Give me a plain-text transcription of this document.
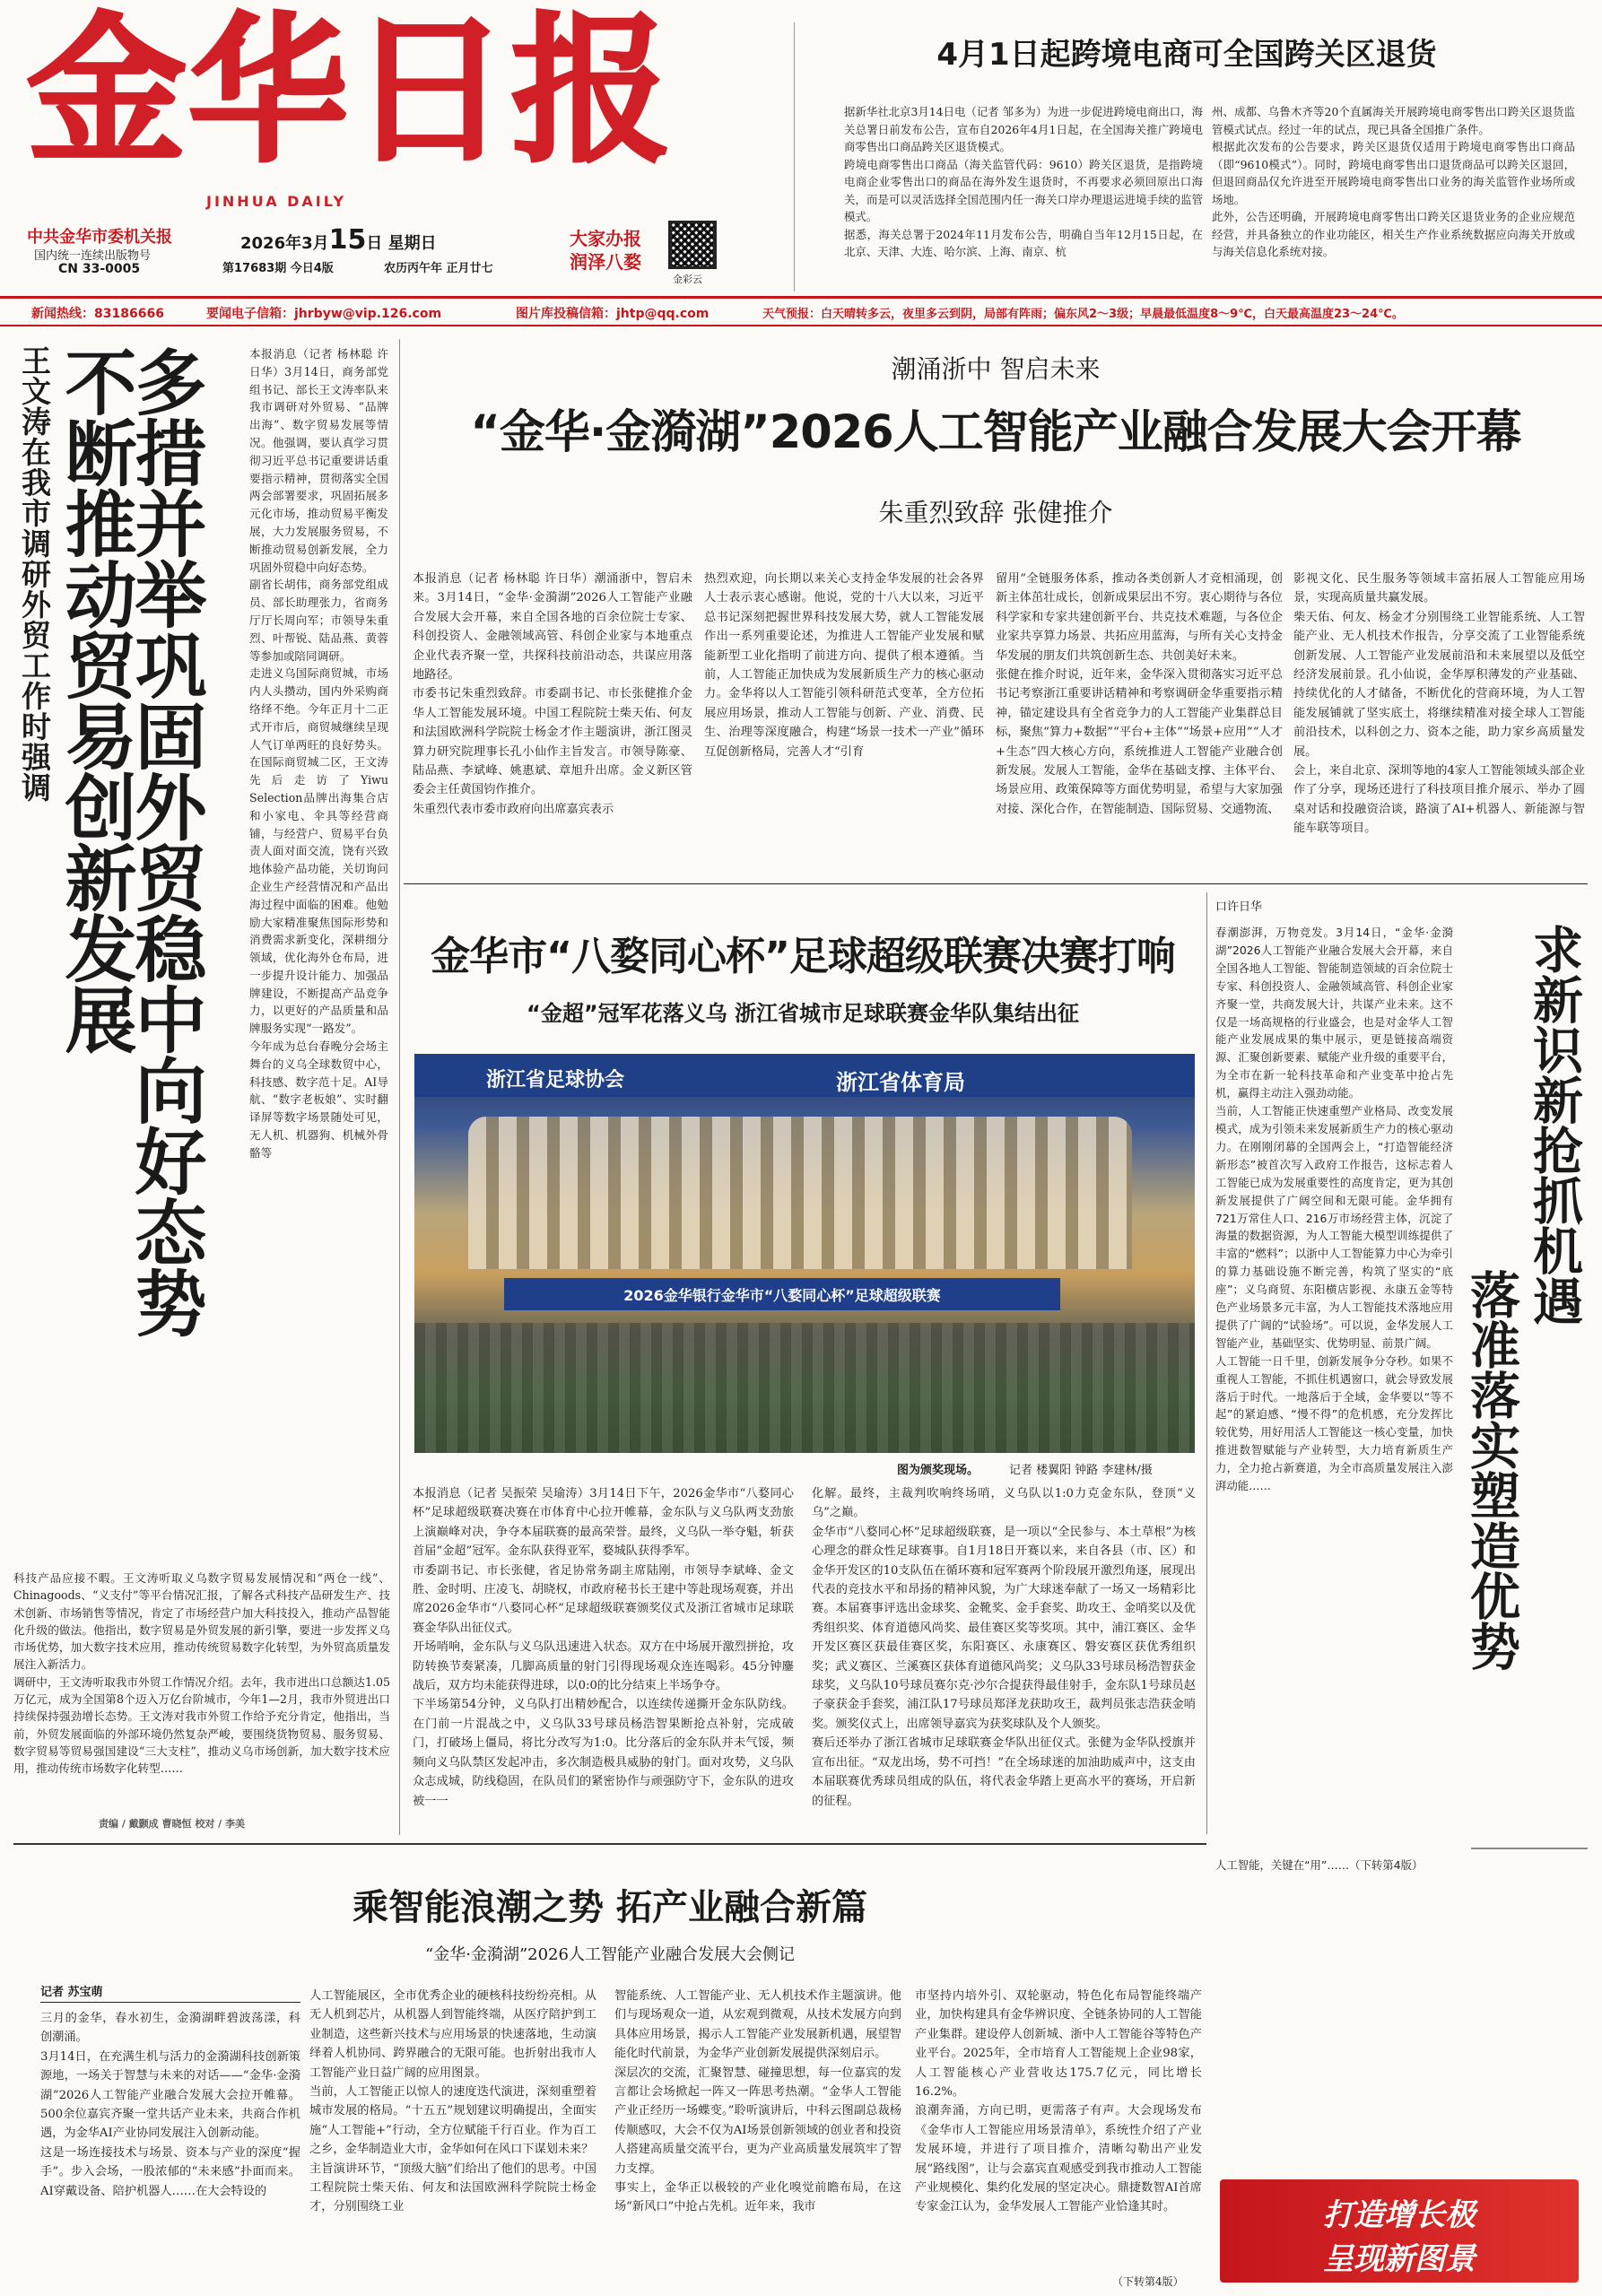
金华日报
JINHUA DAILY
中共金华市委机关报
国内统一连续出版物号
CN 33-0005
2026年3月15日 星期日
第17683期 今日4版	农历丙午年 正月廿七
大家办报
润泽八婺
金彩云
4月1日起跨境电商可全国跨关区退货
据新华社北京3月14日电（记者 邹多为）为进一步促进跨境电商出口，海关总署日前发布公告，宣布自2026年4月1日起，在全国海关推广跨境电商零售出口商品跨关区退货模式。
跨境电商零售出口商品（海关监管代码：9610）跨关区退货，是指跨境电商企业零售出口的商品在海外发生退货时，不再要求必须回原出口海关，而是可以灵活选择全国范围内任一海关口岸办理退运进境手续的监管模式。
据悉，海关总署于2024年11月发布公告，明确自当年12月15日起，在北京、天津、大连、哈尔滨、上海、南京、杭
州、成都、乌鲁木齐等20个直属海关开展跨境电商零售出口跨关区退货监管模式试点。经过一年的试点，现已具备全国推广条件。
根据此次发布的公告要求，跨关区退货仅适用于跨境电商零售出口商品（即“9610模式”）。同时，跨境电商零售出口退货商品可以跨关区退回，但退回商品仅允许进至开展跨境电商零售出口业务的海关监管作业场所或场地。
此外，公告还明确，开展跨境电商零售出口跨关区退货业务的企业应规范经营，并具备独立的作业功能区，相关生产作业系统数据应向海关开放或与海关信息化系统对接。
新闻热线：83186666	要闻电子信箱：jhrbyw@vip.126.com	图片库投稿信箱：jhtp@qq.com	天气预报：白天晴转多云，夜里多云到阴，局部有阵雨；偏东风2～3级；早晨最低温度8～9℃，白天最高温度23～24℃。
王文涛在我市调研外贸工作时强调 多措并举巩固外贸稳中向好态势
不断推动贸易创新发展	本报消息（记者 杨林聪 许日华）3月14日，商务部党组书记、部长王文涛率队来我市调研对外贸易、“品牌出海”、数字贸易发展等情况。他强调，要认真学习贯彻习近平总书记重要讲话重要指示精神，贯彻落实全国两会部署要求，巩固拓展多元化市场，推动贸易平衡发展，大力发展服务贸易，不断推动贸易创新发展，全力巩固外贸稳中向好态势。
副省长胡伟，商务部党组成员、部长助理张力，省商务厅厅长周向军；市领导朱重烈、叶帮锐、陆品燕、黄蓉等参加或陪同调研。
走进义乌国际商贸城，市场内人头攒动，国内外采购商络绎不绝。今年正月十二正式开市后，商贸城继续呈现人气订单两旺的良好势头。在国际商贸城二区，王文涛先后走访了Yiwu Selection品牌出海集合店和小家电、伞具等经营商铺，与经营户、贸易平台负责人面对面交流，饶有兴致地体验产品功能，关切询问企业生产经营情况和产品出海过程中面临的困难。他勉励大家精准聚焦国际形势和消费需求新变化，深耕细分领域，优化海外仓布局，进一步提升设计能力、加强品牌建设，不断提高产品竞争力，以更好的产品质量和品牌服务实现“一路发”。
今年成为总台春晚分会场主舞台的义乌全球数贸中心，科技感、数字范十足。AI导航、“数字老板娘”、实时翻译屏等数字场景随处可见，无人机、机器狗、机械外骨骼等
科技产品应接不暇。王文涛听取义乌数字贸易发展情况和“两仓一线”、Chinagoods、“义支付”等平台情况汇报，了解各式科技产品研发生产、技术创新、市场销售等情况，肯定了市场经营户加大科技投入，推动产品智能化升级的做法。他指出，数字贸易是外贸发展的新引擎，要进一步发挥义乌市场优势，加大数字技术应用，推动传统贸易数字化转型，为外贸高质量发展注入新活力。
调研中，王文涛听取我市外贸工作情况介绍。去年，我市进出口总额达1.05万亿元，成为全国第8个迈入万亿台阶城市，今年1—2月，我市外贸进出口持续保持强劲增长态势。王文涛对我市外贸工作给予充分肯定，他指出，当前，外贸发展面临的外部环境仍然复杂严峻，要围绕货物贸易、服务贸易、数字贸易等贸易强国建设“三大支柱”，推动义乌市场创新，加大数字技术应用，推动传统市场数字化转型……
责编 / 戴颢成 曹晓恒 校对 / 李美
潮涌浙中 智启未来
“金华·金漪湖”2026人工智能产业融合发展大会开幕
朱重烈致辞 张健推介
本报消息（记者 杨林聪 许日华）潮涌浙中，智启未来。3月14日，“金华·金漪湖”2026人工智能产业融合发展大会开幕，来自全国各地的百余位院士专家、科创投资人、金融领域高管、科创企业家与本地重点企业代表齐聚一堂，共探科技前沿动态，共谋应用落地路径。
市委书记朱重烈致辞。市委副书记、市长张健推介金华人工智能发展环境。中国工程院院士柴天佑、何友和法国欧洲科学院院士杨金才作主题演讲，浙江图灵算力研究院理事长孔小仙作主旨发言。市领导陈豪、陆品燕、李斌峰、姚惠斌、章旭升出席。金义新区管委会主任黄国钧作推介。
朱重烈代表市委市政府向出席嘉宾表示
热烈欢迎，向长期以来关心支持金华发展的社会各界人士表示衷心感谢。他说，党的十八大以来，习近平总书记深刻把握世界科技发展大势，就人工智能发展作出一系列重要论述，为推进人工智能产业发展和赋能新型工业化指明了前进方向、提供了根本遵循。当前，人工智能正加快成为发展新质生产力的核心驱动力。金华将以人工智能引领科研范式变革，全方位拓展应用场景，推动人工智能与创新、产业、消费、民生、治理等深度融合，构建“场景一技术一产业”循环互促创新格局，完善人才“引育
留用”全链服务体系，推动各类创新人才竞相涌现，创新主体茁壮成长，创新成果层出不穷。衷心期待与各位科学家和专家共建创新平台、共克技术难题，与各位企业家共享算力场景、共拓应用蓝海，与所有关心支持金华发展的朋友们共筑创新生态、共创美好未来。
张健在推介时说，近年来，金华深入贯彻落实习近平总书记考察浙江重要讲话精神和考察调研金华重要指示精神，锚定建设具有全省竞争力的人工智能产业集群总目标，聚焦“算力+数据”“平台+主体”“场景+应用”“人才+生态”四大核心方向，系统推进人工智能产业融合创新发展。发展人工智能，金华在基础支撑、主体平台、场景应用、政策保障等方面优势明显，希望与大家加强对接、深化合作，在智能制造、国际贸易、交通物流、
影视文化、民生服务等领域丰富拓展人工智能应用场景，实现高质量共赢发展。
柴天佑、何友、杨金才分别围绕工业智能系统、人工智能产业、无人机技术作报告，分享交流了工业智能系统创新发展、人工智能产业发展前沿和未来展望以及低空经济发展前景。孔小仙说，金华厚积薄发的产业基础、持续优化的人才储备，不断优化的营商环境，为人工智能发展铺就了坚实底土，将继续精准对接全球人工智能前沿技术，以科创之力、资本之能，助力家乡高质量发展。
会上，来自北京、深圳等地的4家人工智能领域头部企业作了分享，现场还进行了科技项目推介展示、举办了圆桌对话和投融资洽谈，路演了AI+机器人、新能源与智能车联等项目。
金华市“八婺同心杯”足球超级联赛决赛打响
“金超”冠军花落义乌 浙江省城市足球联赛金华队集结出征
浙江省足球协会	浙江省体育局
2026金华银行金华市“八婺同心杯”足球超级联赛
图为颁奖现场。	记者 楼翼阳 钟路 李建林/摄
本报消息（记者 吴振荣 吴瑜涛）3月14日下午，2026金华市“八婺同心杯”足球超级联赛决赛在市体育中心拉开帷幕，金东队与义乌队两支劲旅上演巅峰对决，争夺本届联赛的最高荣誉。最终，义乌队一举夺魁，斩获首届“金超”冠军。金东队获得亚军，婺城队获得季军。
市委副书记、市长张健，省足协常务副主席陆刚，市领导李斌峰、金文胜、金时明、庄凌飞、胡晓权，市政府秘书长王建中等赴现场观赛，并出席2026金华市“八婺同心杯”足球超级联赛颁奖仪式及浙江省城市足球联赛金华队出征仪式。
开场哨响，金东队与义乌队迅速进入状态。双方在中场展开激烈拼抢，攻防转换节奏紧凑，几脚高质量的射门引得现场观众连连喝彩。45分钟鏖战后，双方均未能获得进球，以0:0的比分结束上半场争夺。
下半场第54分钟，义乌队打出精妙配合，以连续传递撕开金东队防线。在门前一片混战之中，义乌队33号球员杨浩智果断抢点补射，完成破门，打破场上僵局，将比分改写为1:0。比分落后的金东队并未气馁，频频向义乌队禁区发起冲击，多次制造极具威胁的射门。面对攻势，义乌队众志成城，防线稳固，在队员们的紧密协作与顽强防守下，金东队的进攻被一一
化解。最终，主裁判吹响终场哨，义乌队以1:0力克金东队，登顶“义乌”之巅。
金华市“八婺同心杯”足球超级联赛，是一项以“全民参与、本土草根”为核心理念的群众性足球赛事。自1月18日开赛以来，来自各县（市、区）和金华开发区的10支队伍在循环赛和冠军赛两个阶段展开激烈角逐，展现出代表的竞技水平和昂扬的精神风貌，为广大球迷奉献了一场又一场精彩比赛。本届赛事评选出金球奖、金靴奖、金手套奖、助攻王、金哨奖以及优秀组织奖、体育道德风尚奖、最佳赛区奖等奖项。其中，浦江赛区、金华开发区赛区获最佳赛区奖，东阳赛区、永康赛区、磐安赛区获优秀组织奖；武义赛区、兰溪赛区获体育道德风尚奖；义乌队33号球员杨浩智获金球奖，义乌队10号球员赛尔克·沙尔合提获得最佳射手，金东队1号球员赵子豪获金手套奖，浦江队17号球员郑泽龙获助攻王，裁判员张志浩获金哨奖。颁奖仪式上，出席领导嘉宾为获奖球队及个人颁奖。
赛后还举办了浙江省城市足球联赛金华队出征仪式。张健为金华队授旗并宣布出征。“双龙出场，势不可挡！”在全场球迷的加油助威声中，这支由本届联赛优秀球员组成的队伍，将代表金华踏上更高水平的赛场，开启新的征程。
口许日华
求新识新抢抓机遇
落准落实塑造优势
春潮澎湃，万物竞发。3月14日，“金华·金漪湖”2026人工智能产业融合发展大会开幕，来自全国各地人工智能、智能制造领域的百余位院士专家、科创投资人、金融领域高管、科创企业家齐聚一堂，共商发展大计，共谋产业未来。这不仅是一场高规格的行业盛会，也是对金华人工智能产业发展成果的集中展示，更是链接高端资源、汇聚创新要素、赋能产业升级的重要平台，为全市在新一轮科技革命和产业变革中抢占先机，赢得主动注入强劲动能。
当前，人工智能正快速重塑产业格局、改变发展模式，成为引领未来发展新质生产力的核心驱动力。在刚刚闭幕的全国两会上，“打造智能经济新形态”被首次写入政府工作报告，这标志着人工智能已成为发展重要性的高度肯定，更为其创新发展提供了广阔空间和无限可能。金华拥有721万常住人口、216万市场经营主体，沉淀了海量的数据资源，为人工智能大模型训练提供了丰富的“燃料”；以浙中人工智能算力中心为牵引的算力基础设施不断完善，构筑了坚实的“底座”；义乌商贸、东阳横店影视、永康五金等特色产业场景多元丰富，为人工智能技术落地应用提供了广阔的“试验场”。可以说，金华发展人工智能产业，基础坚实、优势明显、前景广阔。
人工智能一日千里，创新发展争分夺秒。如果不重视人工智能，不抓住机遇窗口，就会导致发展落后于时代。一地落后于全域，金华要以“等不起”的紧迫感、“慢不得”的危机感，充分发挥比较优势，用好用活人工智能这一核心变量，加快推进数智赋能与产业转型，大力培育新质生产力，全力抢占新赛道，为全市高质量发展注入澎湃动能……
乘智能浪潮之势 拓产业融合新篇
“金华·金漪湖”2026人工智能产业融合发展大会侧记
记者 苏宝萌
三月的金华，春水初生，金漪湖畔碧波荡漾，科创潮涌。
3月14日，在充满生机与活力的金漪湖科技创新策源地，一场关于智慧与未来的对话——“金华·金漪湖”2026人工智能产业融合发展大会拉开帷幕。500余位嘉宾齐聚一堂共话产业未来，共商合作机遇，为金华AI产业协同发展注入创新动能。
这是一场连接技术与场景、资本与产业的深度“握手”。步入会场，一股浓郁的“未来感”扑面而来。AI穿戴设备、陪护机器人……在大会特设的
人工智能展区，全市优秀企业的硬核科技纷纷亮相。从无人机到芯片，从机器人到智能终端，从医疗陪护到工业制造，这些新兴技术与应用场景的快速落地，生动演绎着人机协同、跨界融合的无限可能。也折射出我市人工智能产业日益广阔的应用图景。
当前，人工智能正以惊人的速度迭代演进，深刻重塑着城市发展的格局。“十五五”规划建议明确提出，全面实施“人工智能+”行动，全方位赋能千行百业。作为百工之乡，金华制造业大市，金华如何在风口下谋划未来？
主旨演讲环节，“顶级大脑”们给出了他们的思考。中国工程院院士柴天佑、何友和法国欧洲科学院院士杨金才，分别围绕工业
智能系统、人工智能产业、无人机技术作主题演讲。他们与现场观众一道，从宏观到微观，从技术发展方向到具体应用场景，揭示人工智能产业发展新机遇，展望智能化时代前景，为金华产业创新发展提供深刻启示。
深层次的交流，汇聚智慧、碰撞思想，每一位嘉宾的发言都让会场掀起一阵又一阵思考热潮。“金华人工智能产业正经历一场蝶变。”聆听演讲后，中科云图副总裁杨传顺感叹，大会不仅为AI场景创新领域的创业者和投资人搭建高质量交流平台，更为产业高质量发展筑牢了智力支撑。
事实上，金华正以极较的产业化嗅觉前瞻布局，在这场“新风口”中抢占先机。近年来，我市
市坚持内培外引、双轮驱动，特色化布局智能终端产业，加快构建具有金华辨识度、全链条协同的人工智能产业集群。建设停人创新城、浙中人工智能谷等特色产业平台。2025年，全市培育人工智能规上企业98家，人工智能核心产业营收达175.7亿元，同比增长16.2%。
浪潮奔涌，方向已明，更需落子有声。大会现场发布《金华市人工智能应用场景清单》，系统性介绍了产业发展环境，并进行了项目推介，清晰勾勒出产业发展“路线图”，让与会嘉宾直观感受到我市推动人工智能产业规模化、集约化发展的坚定决心。鼎捷数智AI首席专家金江认为，金华发展人工智能产业恰逢其时。
（下转第4版）
人工智能，关键在“用”……（下转第4版）
打造增长极
呈现新图景
